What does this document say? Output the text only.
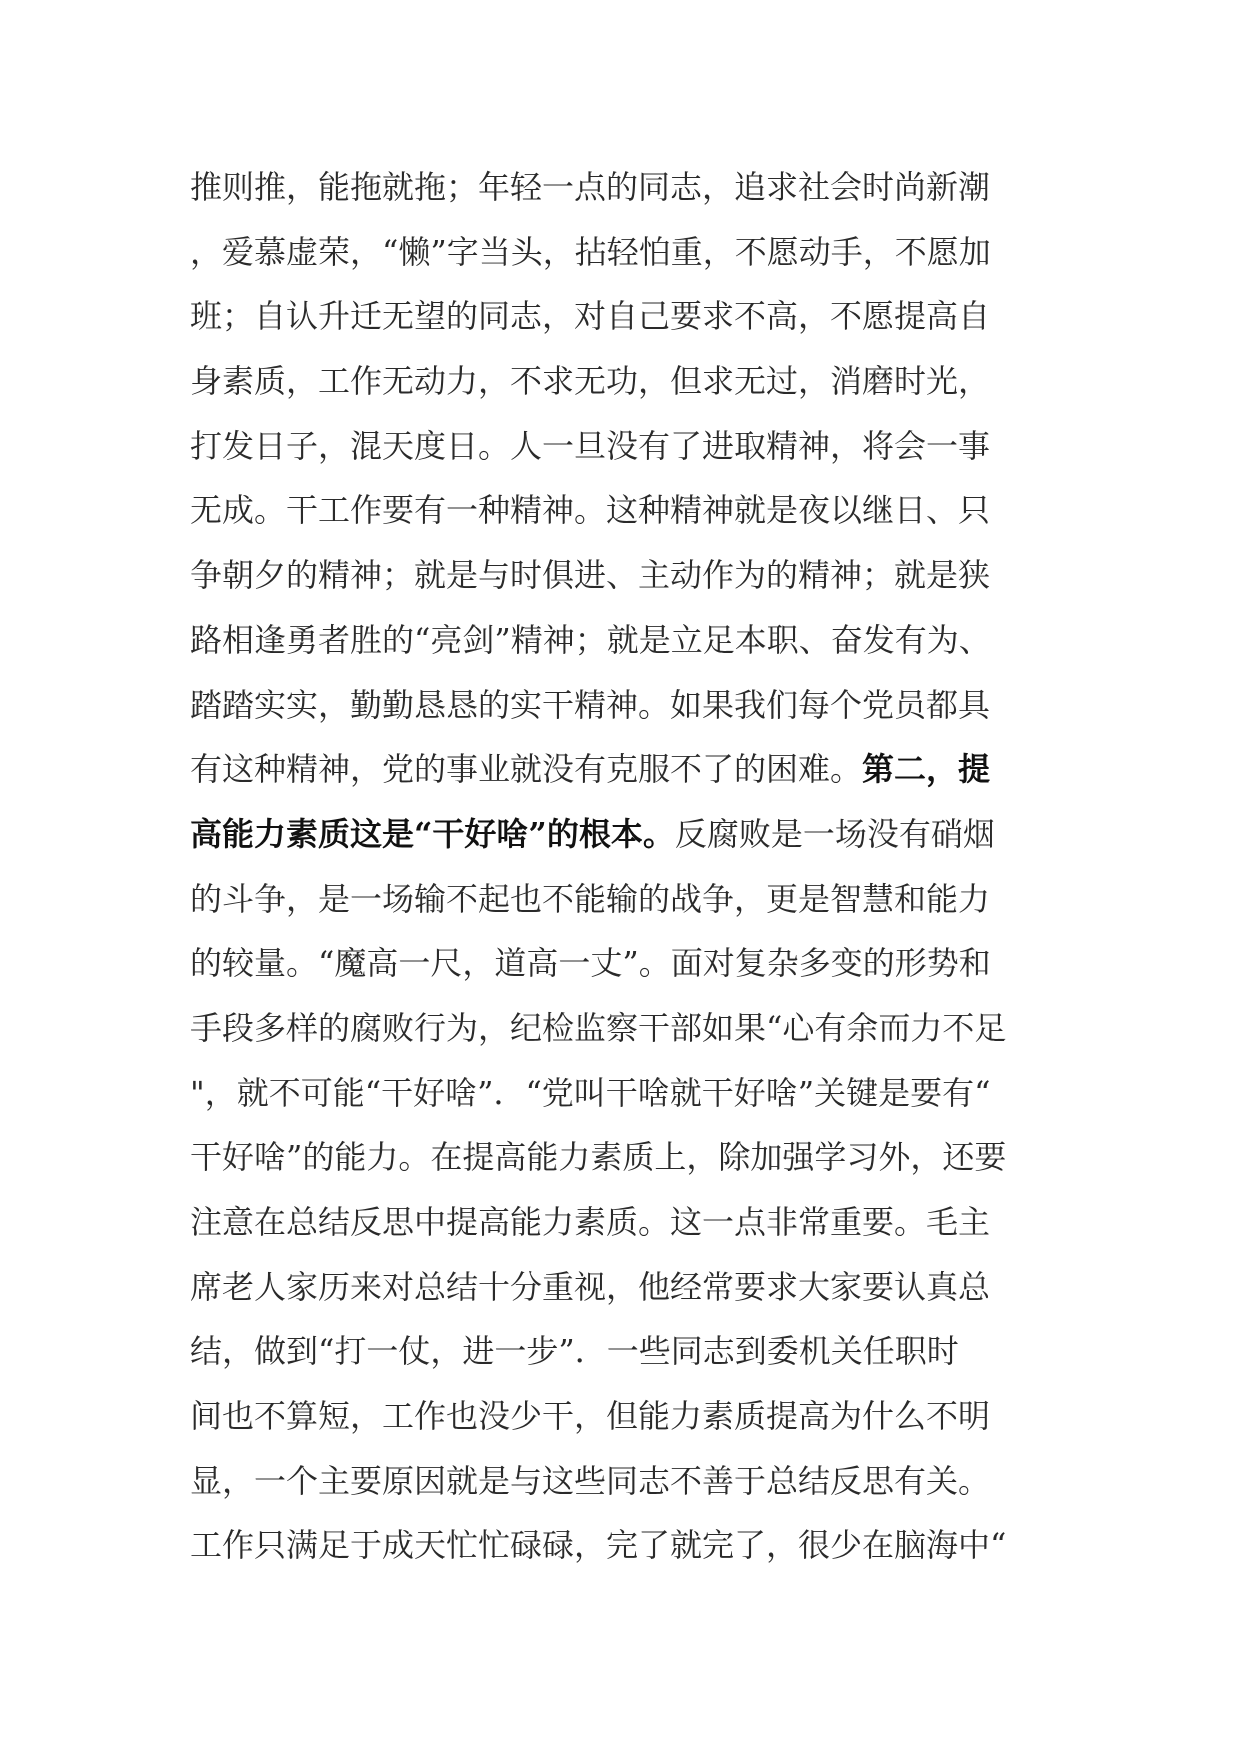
推则推，能拖就拖；年轻一点的同志，追求社会时尚新潮
，爱慕虚荣，“懒”字当头，拈轻怕重，不愿动手，不愿加
班；自认升迁无望的同志，对自己要求不高，不愿提高自
身素质，工作无动力，不求无功，但求无过，消磨时光，
打发日子，混天度日。人一旦没有了进取精神，将会一事
无成。干工作要有一种精神。这种精神就是夜以继日、只
争朝夕的精神；就是与时俱进、主动作为的精神；就是狭
路相逢勇者胜的“亮剑”精神；就是立足本职、奋发有为、
踏踏实实，勤勤恳恳的实干精神。如果我们每个党员都具
有这种精神，党的事业就没有克服不了的困难。第二，提
高能力素质这是“干好啥”的根本。反腐败是一场没有硝烟
的斗争，是一场输不起也不能输的战争，更是智慧和能力
的较量。“魔高一尺，道高一丈”。面对复杂多变的形势和
手段多样的腐败行为，纪检监察干部如果“心有余而力不足
"，就不可能“干好啥”．“党叫干啥就干好啥”关键是要有“
干好啥”的能力。在提高能力素质上，除加强学习外，还要
注意在总结反思中提高能力素质。这一点非常重要。毛主
席老人家历来对总结十分重视，他经常要求大家要认真总
结，做到“打一仗，进一步”．一些同志到委机关任职时
间也不算短，工作也没少干，但能力素质提高为什么不明
显，一个主要原因就是与这些同志不善于总结反思有关。
工作只满足于成天忙忙碌碌，完了就完了，很少在脑海中“
